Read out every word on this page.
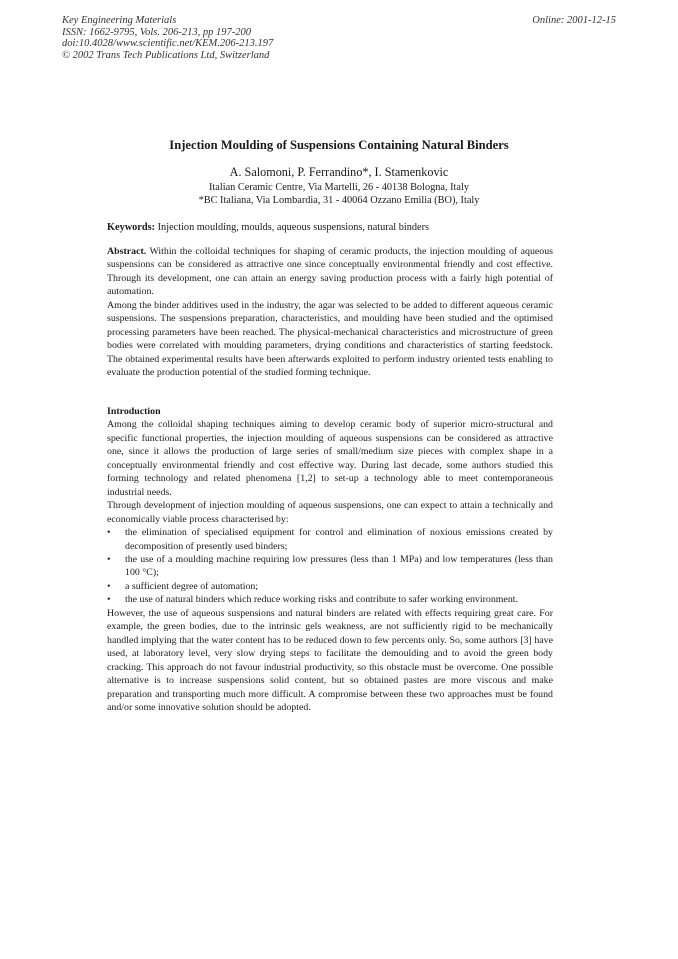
Key Engineering Materials
ISSN: 1662-9795, Vols. 206-213, pp 197-200
doi:10.4028/www.scientific.net/KEM.206-213.197
© 2002 Trans Tech Publications Ltd, Switzerland
Online: 2001-12-15
Injection Moulding of Suspensions Containing Natural Binders
A. Salomoni, P. Ferrandino*, I. Stamenkovic
Italian Ceramic Centre, Via Martelli, 26 - 40138 Bologna, Italy
*BC Italiana, Via Lombardia, 31 - 40064 Ozzano Emilia (BO), Italy
Keywords: Injection moulding, moulds, aqueous suspensions, natural binders

Abstract. Within the colloidal techniques for shaping of ceramic products, the injection moulding of aqueous suspensions can be considered as attractive one since conceptually environmental friendly and cost effective. Through its development, one can attain an energy saving production process with a fairly high potential of automation.

Among the binder additives used in the industry, the agar was selected to be added to different aqueous ceramic suspensions. The suspensions preparation, characteristics, and moulding have been studied and the optimised processing parameters have been reached. The physical-mechanical characteristics and microstructure of green bodies were correlated with moulding parameters, drying conditions and characteristics of starting feedstock. The obtained experimental results have been afterwards exploited to perform industry oriented tests enabling to evaluate the production potential of the studied forming technique.

Introduction

Among the colloidal shaping techniques aiming to develop ceramic body of superior micro-structural and specific functional properties, the injection moulding of aqueous suspensions can be considered as attractive one, since it allows the production of large series of small/medium size pieces with complex shape in a conceptually environmental friendly and cost effective way. During last decade, some authors studied this forming technology and related phenomena [1,2] to set-up a technology able to meet contemporaneous industrial needs.

Through development of injection moulding of aqueous suspensions, one can expect to attain a technically and economically viable process characterised by:

• the elimination of specialised equipment for control and elimination of noxious emissions created by decomposition of presently used binders;
• the use of a moulding machine requiring low pressures (less than 1 MPa) and low temperatures (less than 100 °C);
• a sufficient degree of automation;
• the use of natural binders which reduce working risks and contribute to safer working environment.

However, the use of aqueous suspensions and natural binders are related with effects requiring great care. For example, the green bodies, due to the intrinsic gels weakness, are not sufficiently rigid to be mechanically handled implying that the water content has to be reduced down to few percents only. So, some authors [3] have used, at laboratory level, very slow drying steps to facilitate the demoulding and to avoid the green body cracking. This approach do not favour industrial productivity, so this obstacle must be overcome. One possible alternative is to increase suspensions solid content, but so obtained pastes are more viscous and make preparation and transporting much more difficult. A compromise between these two approaches must be found and/or some innovative solution should be adopted.
